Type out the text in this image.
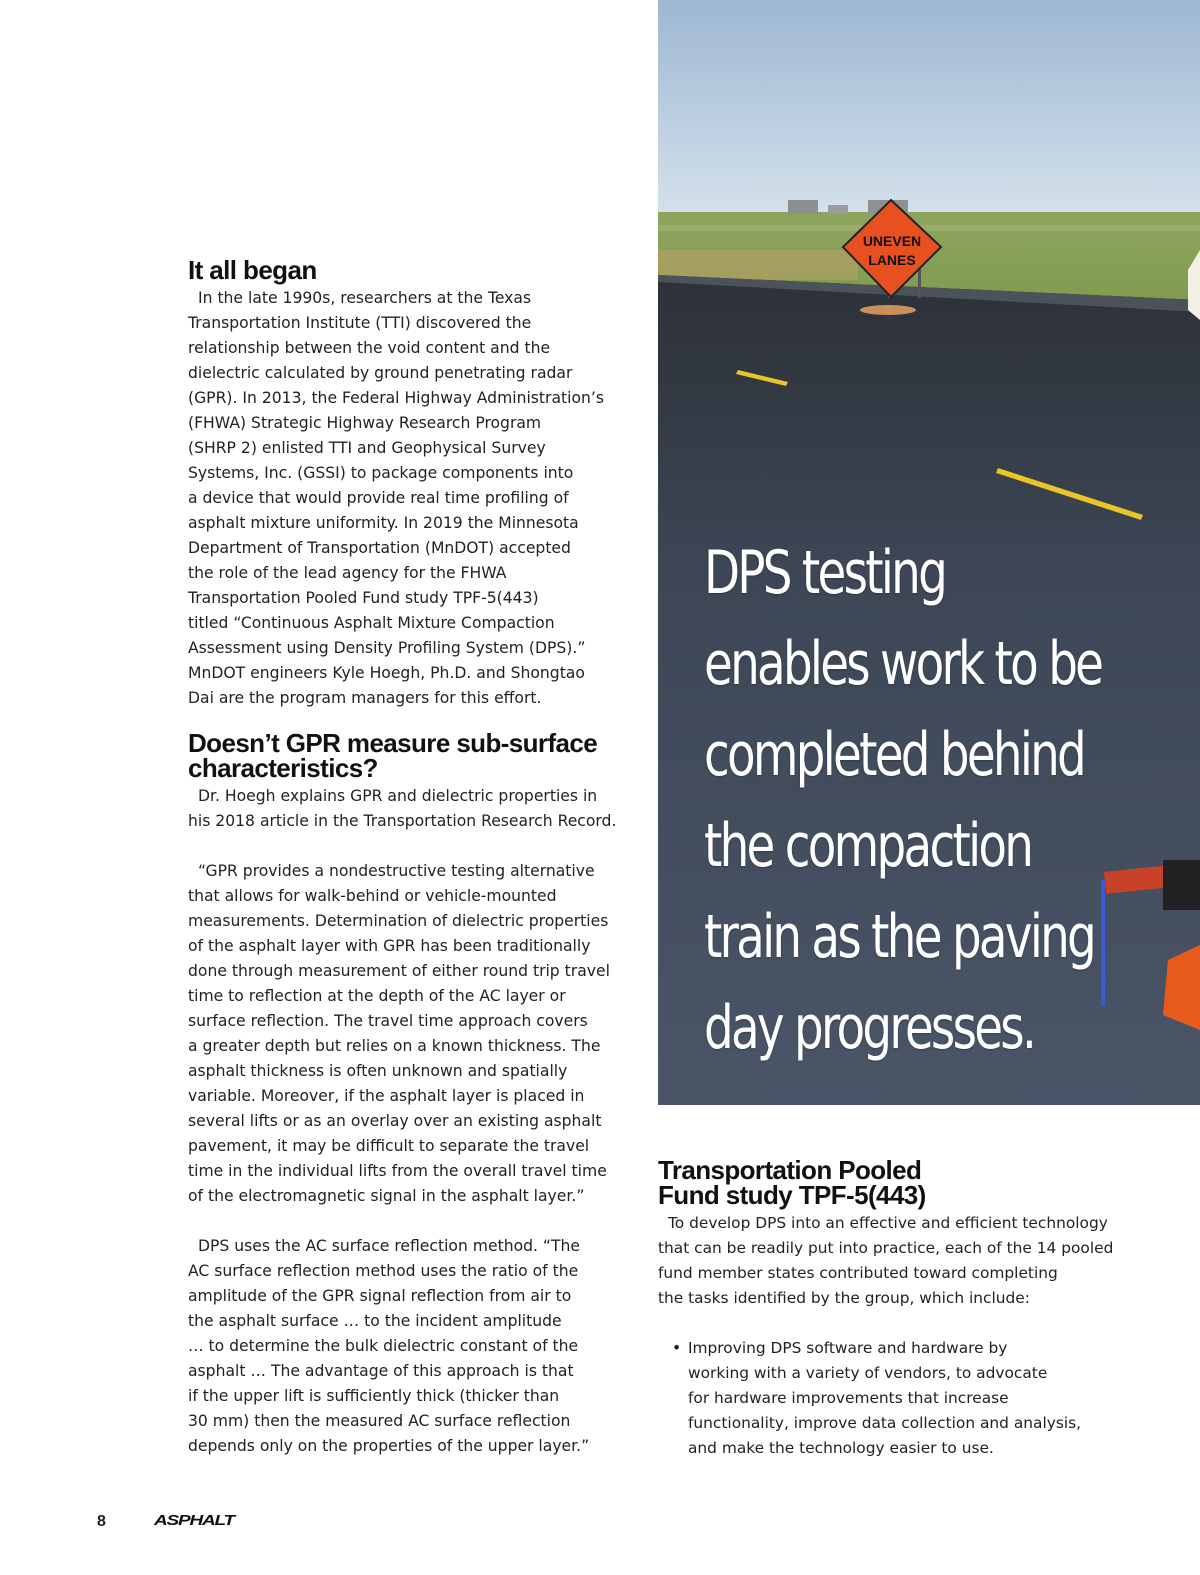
It all began

In the late 1990s, researchers at the Texas
Transportation Institute (TTI) discovered the
relationship between the void content and the
dielectric calculated by ground penetrating radar
(GPR). In 2013, the Federal Highway Administration’s
(FHWA) Strategic Highway Research Program
(SHRP 2) enlisted TTI and Geophysical Survey
Systems, Inc. (GSSI) to package components into
a device that would provide real time profiling of
asphalt mixture uniformity. In 2019 the Minnesota
Department of Transportation (MnDOT) accepted
the role of the lead agency for the FHWA
Transportation Pooled Fund study TPF-5(443)
titled “Continuous Asphalt Mixture Compaction
Assessment using Density Profiling System (DPS).”
MnDOT engineers Kyle Hoegh, Ph.D. and Shongtao
Dai are the program managers for this effort.

Doesn’t GPR measure sub-surface
characteristics?

Dr. Hoegh explains GPR and dielectric properties in
his 2018 article in the Transportation Research Record.

“GPR provides a nondestructive testing alternative
that allows for walk-behind or vehicle-mounted
measurements. Determination of dielectric properties
of the asphalt layer with GPR has been traditionally
done through measurement of either round trip travel
time to reflection at the depth of the AC layer or
surface reflection. The travel time approach covers
a greater depth but relies on a known thickness. The
asphalt thickness is often unknown and spatially
variable. Moreover, if the asphalt layer is placed in
several lifts or as an overlay over an existing asphalt
pavement, it may be difficult to separate the travel
time in the individual lifts from the overall travel time
of the electromagnetic signal in the asphalt layer.”

DPS uses the AC surface reflection method. “The
AC surface reflection method uses the ratio of the
amplitude of the GPR signal reflection from air to
the asphalt surface … to the incident amplitude
… to determine the bulk dielectric constant of the
asphalt … The advantage of this approach is that
if the upper lift is sufficiently thick (thicker than
30 mm) then the measured AC surface reflection
depends only on the properties of the upper layer.”

UNEVEN
LANES

DPS testing
enables work to be
completed behind
the compaction
train as the paving
day progresses.

Transportation Pooled
Fund study TPF-5(443)

To develop DPS into an effective and efficient technology
that can be readily put into practice, each of the 14 pooled
fund member states contributed toward completing
the tasks identified by the group, which include:

• Improving DPS software and hardware by
working with a variety of vendors, to advocate
for hardware improvements that increase
functionality, improve data collection and analysis,
and make the technology easier to use.
8	ASPHALT
